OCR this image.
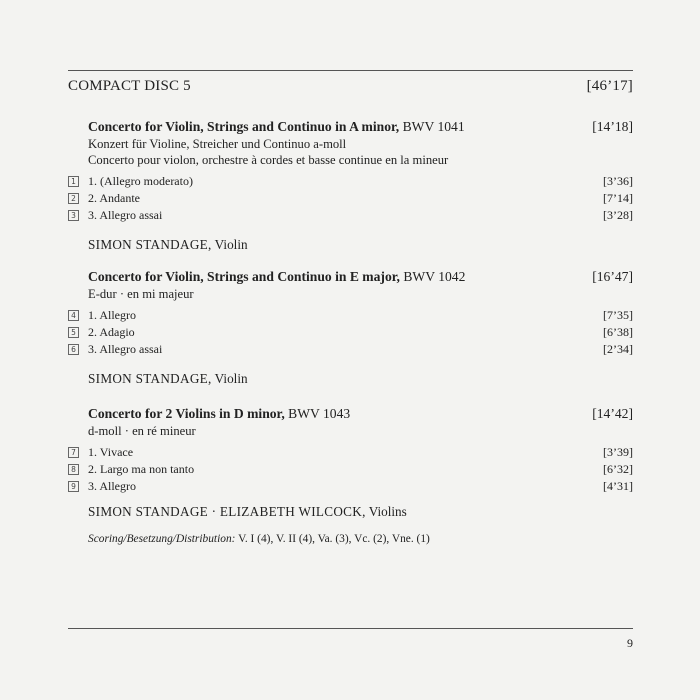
COMPACT DISC 5	[46’17]
Concerto for Violin, Strings and Continuo in A minor, BWV 1041	[14’18]
Konzert für Violine, Streicher und Continuo a-moll
Concerto pour violon, orchestre à cordes et basse continue en la mineur
1 1. (Allegro moderato)	[3’36]
2 2. Andante	[7’14]
3 3. Allegro assai	[3’28]
SIMON STANDAGE, Violin
Concerto for Violin, Strings and Continuo in E major, BWV 1042	[16’47]
E-dur · en mi majeur
4 1. Allegro	[7’35]
5 2. Adagio	[6’38]
6 3. Allegro assai	[2’34]
SIMON STANDAGE, Violin
Concerto for 2 Violins in D minor, BWV 1043	[14’42]
d-moll · en ré mineur
7 1. Vivace	[3’39]
8 2. Largo ma non tanto	[6’32]
9 3. Allegro	[4’31]
SIMON STANDAGE · ELIZABETH WILCOCK, Violins
Scoring/Besetzung/Distribution: V. I (4), V. II (4), Va. (3), Vc. (2), Vne. (1)
9
